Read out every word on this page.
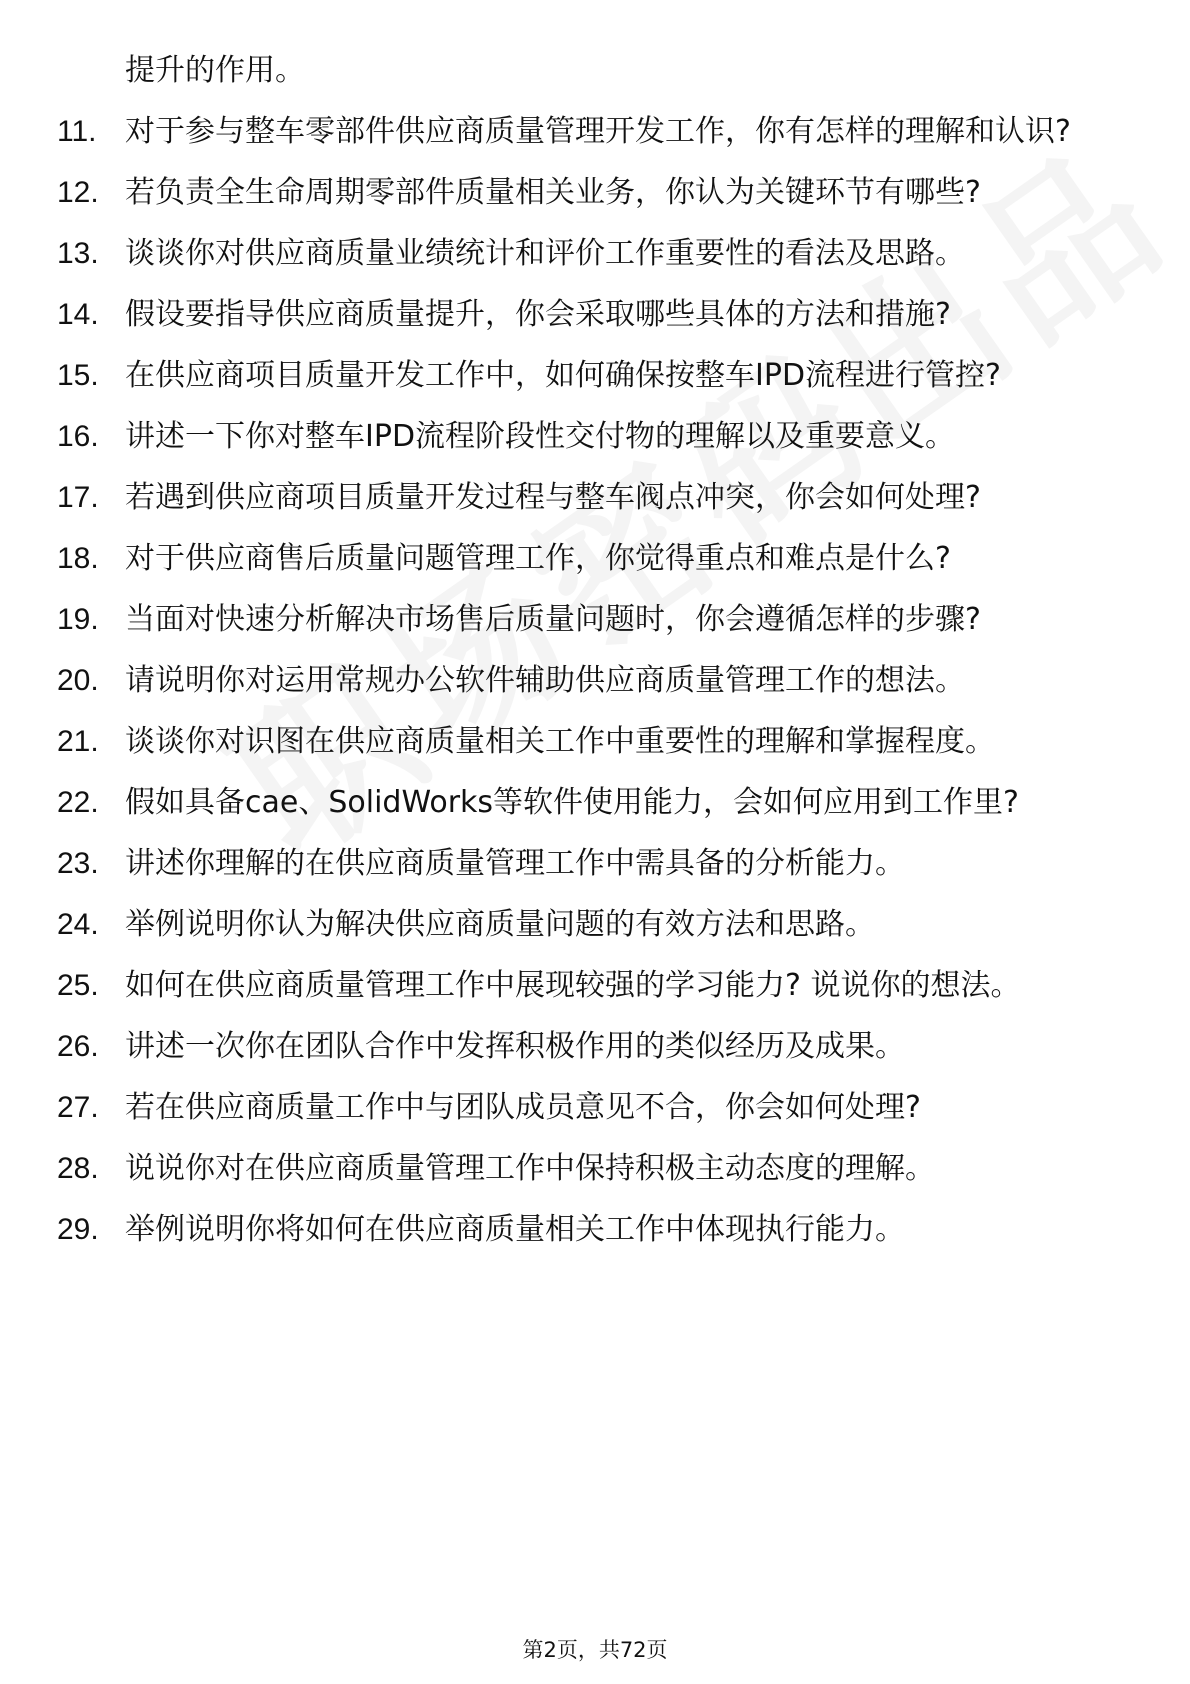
提升的作用。
11. 对于参与整车零部件供应商质量管理开发工作，你有怎样的理解和认识?
12. 若负责全生命周期零部件质量相关业务，你认为关键环节有哪些?
13. 谈谈你对供应商质量业绩统计和评价工作重要性的看法及思路。
14. 假设要指导供应商质量提升，你会采取哪些具体的方法和措施?
15. 在供应商项目质量开发工作中，如何确保按整车IPD流程进行管控?
16. 讲述一下你对整车IPD流程阶段性交付物的理解以及重要意义。
17. 若遇到供应商项目质量开发过程与整车阀点冲突，你会如何处理?
18. 对于供应商售后质量问题管理工作，你觉得重点和难点是什么?
19. 当面对快速分析解决市场售后质量问题时，你会遵循怎样的步骤?
20. 请说明你对运用常规办公软件辅助供应商质量管理工作的想法。
21. 谈谈你对识图在供应商质量相关工作中重要性的理解和掌握程度。
22. 假如具备cae、SolidWorks等软件使用能力，会如何应用到工作里?
23. 讲述你理解的在供应商质量管理工作中需具备的分析能力。
24. 举例说明你认为解决供应商质量问题的有效方法和思路。
25. 如何在供应商质量管理工作中展现较强的学习能力? 说说你的想法。
26. 讲述一次你在团队合作中发挥积极作用的类似经历及成果。
27. 若在供应商质量工作中与团队成员意见不合，你会如何处理?
28. 说说你对在供应商质量管理工作中保持积极主动态度的理解。
29. 举例说明你将如何在供应商质量相关工作中体现执行能力。
第2页，共72页
